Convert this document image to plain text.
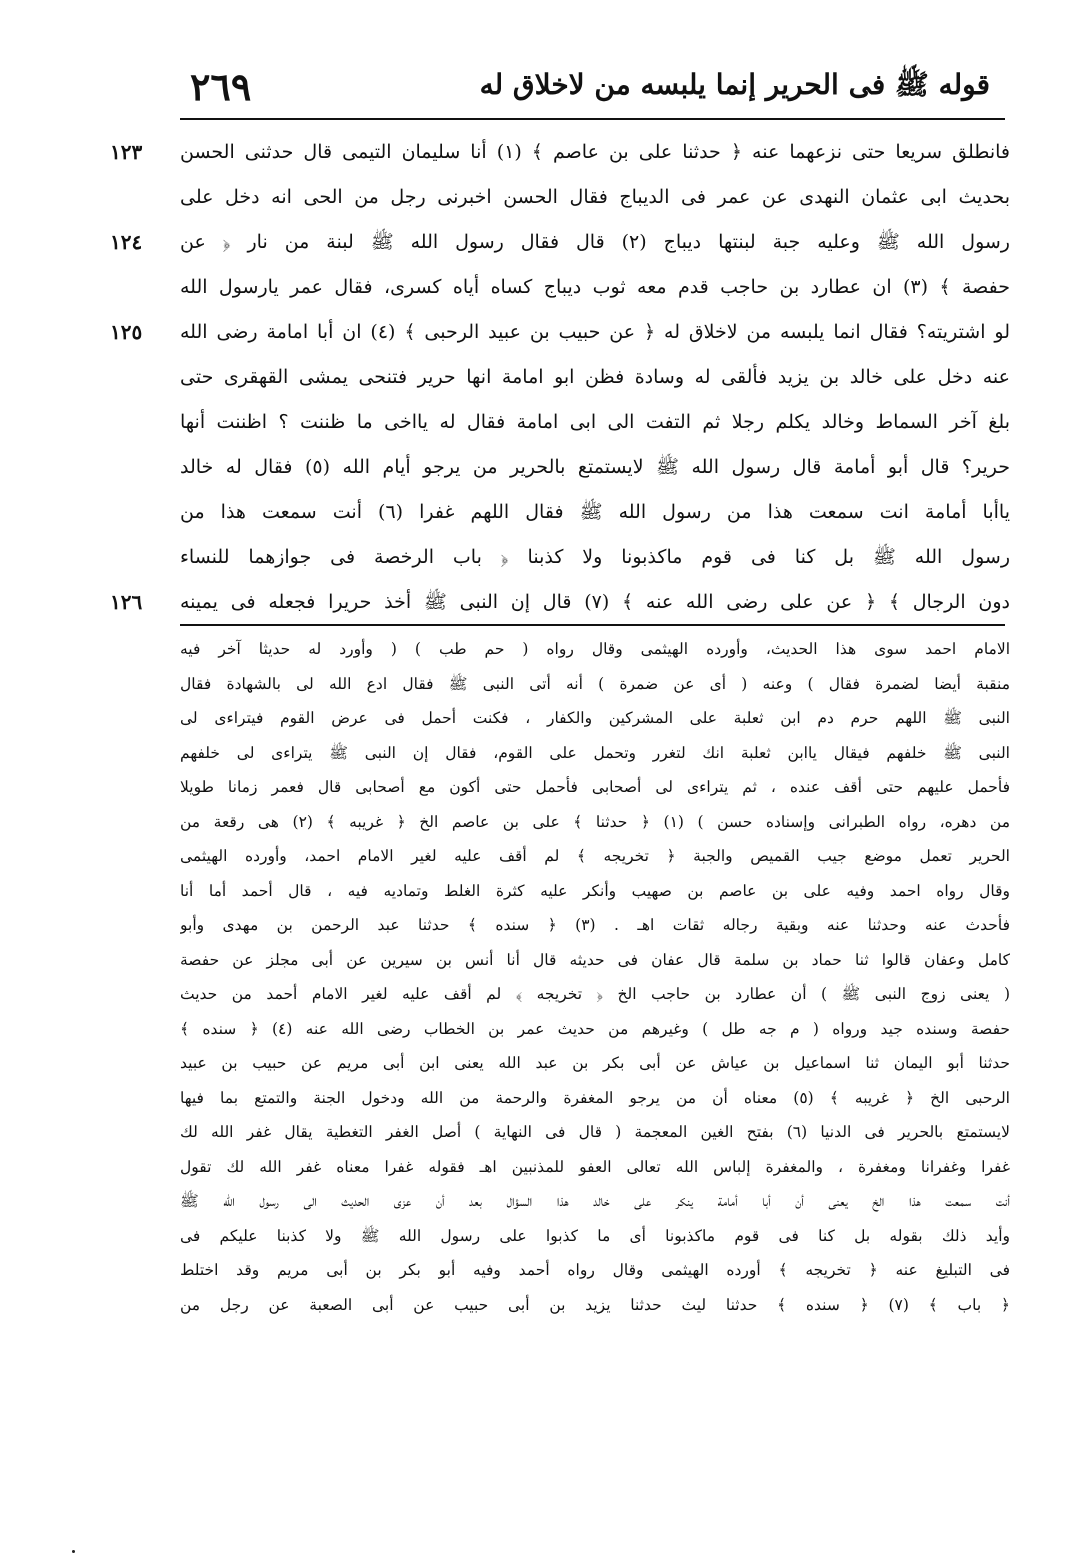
٢٦٩	قوله ﷺ فى الحرير إنما يلبسه من لاخلاق له
١٢٣
١٢٤
١٢٥
١٢٦
فانطلق سريعا حتى نزعهما عنه ﴿ حدثنا على بن عاصم ﴾ (١) أنا سليمان التيمى قال حدثنى الحسن
بحديث ابى عثمان النهدى عن عمر فى الديباج فقال الحسن اخبرنى رجل من الحى انه دخل على
رسول الله ﷺ وعليه جبة لبنتها ديباج (٢) قال فقال رسول الله ﷺ لبنة من نار ﴿ عن
حفصة ﴾ (٣) ان عطارد بن حاجب قدم معه ثوب ديباج كساه أياه كسرى، فقال عمر يارسول الله
لو اشتريته؟ فقال انما يلبسه من لاخلاق له ﴿ عن حبيب بن عبيد الرحبى ﴾ (٤) ان أبا امامة رضى الله
عنه دخل على خالد بن يزيد فألقى له وسادة فظن ابو امامة انها حرير فتنحى يمشى القهقرى حتى
بلغ آخر السماط وخالد يكلم رجلا ثم التفت الى ابى امامة فقال له يااخى ما ظننت ؟ اظننت أنها
حرير؟ قال أبو أمامة قال رسول الله ﷺ لايستمتع بالحرير من يرجو أيام الله (٥) فقال له خالد
ياأبا أمامة انت سمعت هذا من رسول الله ﷺ فقال اللهم غفرا (٦) أنت سمعت هذا من
رسول الله ﷺ بل كنا فى قوم ماكذبونا ولا كذبنا ﴿ باب الرخصة فى جوازهما للنساء
دون الرجال ﴾ ﴿ عن على رضى الله عنه ﴾ (٧) قال إن النبى ﷺ أخذ حريرا فجعله فى يمينه
الامام احمد سوى هذا الحديث، وأورده الهيثمى وقال رواه ( حم طب ) ( وأورد له حديثا آخر فيه
منقبة أيضا لضمرة فقال ) وعنه ( أى عن ضمرة ) أنه أتى النبى ﷺ فقال ادع الله لى بالشهادة فقال
النبى ﷺ اللهم حرم دم ابن ثعلبة على المشركين والكفار ، فكنت أحمل فى عرض القوم فيتراءى لى
النبى ﷺ خلفهم فيقال ياابن ثعلبة انك لتغرر وتحمل على القوم، فقال إن النبى ﷺ يتراءى لى خلفهم
فأحمل عليهم حتى أقف عنده ، ثم يتراءى لى أصحابى فأحمل حتى أكون مع أصحابى قال فعمر زمانا طويلا
من دهره، رواه الطبرانى وإسناده حسن ) (١) ﴿ حدثنا ﴾ على بن عاصم الخ ﴿ غريبه ﴾ (٢) هى رقعة من
الحرير تعمل موضع جيب القميص والجبة ﴿ تخريجه ﴾ لم أقف عليه لغير الامام احمد، وأورده الهيثمى
وقال رواه احمد وفيه على بن عاصم بن صهيب وأنكر عليه كثرة الغلط وتماديه فيه ، قال أحمد أما أنا
فأحدث عنه وحدثنا عنه وبقية رجاله ثقات اهـ . (٣) ﴿ سنده ﴾ حدثنا عبد الرحمن بن مهدى وأبو
كامل وعفان قالوا ثنا حماد بن سلمة قال عفان فى حديثه قال أنا أنس بن سيرين عن أبى مجلز عن حفصة
( يعنى زوج النبى ﷺ ) أن عطارد بن حاجب الخ ﴿ تخريجه ﴾ لم أقف عليه لغير الامام أحمد من حديث
حفصة وسنده جيد ورواه ( م جه طل ) وغيرهم من حديث عمر بن الخطاب رضى الله عنه (٤) ﴿ سنده ﴾
حدثنا أبو اليمان ثنا اسماعيل بن عياش عن أبى بكر بن عبد الله يعنى ابن أبى مريم عن حبيب بن عبيد
الرحبى الخ ﴿ غريبه ﴾ (٥) معناه أن من يرجو المغفرة والرحمة من الله ودخول الجنة والتمتع بما فيها
لايستمتع بالحرير فى الدنيا (٦) بفتح الغين المعجمة ( قال فى النهاية ) أصل الغفر التغطية يقال غفر الله لك
غفرا وغفرانا ومغفرة ، والمغفرة إلباس الله تعالى العفو للمذنبين اهـ فقوله غفرا معناه غفر الله لك تقول
أنت سمعت هذا الخ يعنى أن أبا أمامة ينكر على خالد هذا السؤال بعد أن عزى الحديث الى رسول الله ﷺ
وأيد ذلك بقوله بل كنا فى قوم ماكذبونا أى ما كذبوا على رسول الله ﷺ ولا كذبنا عليكم فى
فى التبليغ عنه ﴿ تخريجه ﴾ أورده الهيثمى وقال رواه أحمد وفيه أبو بكر بن أبى مريم وقد اختلط
﴿ باب ﴾ (٧) ﴿ سنده ﴾ حدثنا ليث حدثنا يزيد بن أبى حبيب عن أبى الصعبة عن رجل من
